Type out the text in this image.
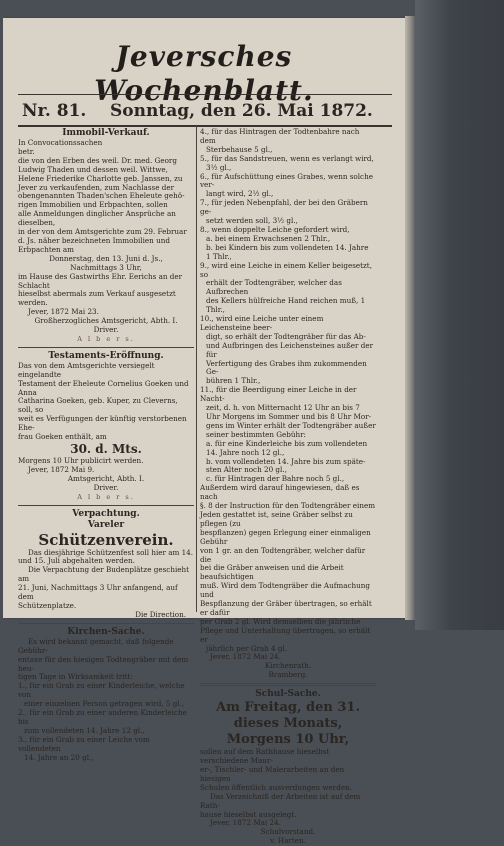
Jeversches Wochenblatt.
Nr. 81. Sonntag, den 26. Mai 1872.

Immobil-Verkauf.

In Convocationssachen

betr.

die von den Erben des weil. Dr. med. Georg

Ludwig Thaden und dessen weil. Wittwe,

Helene Friederike Charlotte geb. Janssen, zu

Jever zu verkaufenden, zum Nachlasse der

obengenannten Thaden'schen Eheleute gehö-

rigen Immobilien und Erbpachten, sollen

alle Anmeldungen dinglicher Ansprüche an dieselben,

in der von dem Amtsgerichte zum 29. Februar

d. Js. näher bezeichneten Immobilien und

Erbpachten am

Donnerstag, den 13. Juni d. Js.,

Nachmittags 3 Uhr,

im Hause des Gastwirths Ehr. Eerichs an der Schlacht

hieselbst abermals zum Verkauf ausgesetzt werden.

Jever, 1872 Mai 23.

Großherzogliches Amtsgericht, Abth. I.

Driver.

A l b e r s.

Testaments-Eröffnung.

Das von dem Amtsgerichte versiegelt eingelandte

Testament der Eheleute Cornelius Goeken und Anna

Catharina Goeken, geb. Kuper, zu Cleverns, soll, so

weit es Verfügungen der künftig verstorbenen Ehe-

frau Goeken enthält, am

30. d. Mts.

Morgens 10 Uhr publicirt werden.

Jever, 1872 Mai 9.

Amtsgericht, Abth. I.

Driver.

A l b e r s.

Verpachtung.

Vareler

Schützenverein.

Das diesjährige Schützenfest soll hier am 14.

und 15. Juli abgehalten werden.

Die Verpachtung der Budenplätze geschieht am

21. Juni, Nachmittags 3 Uhr anfangend, auf dem

Schützenplatze.

Die Direction.

Kirchen-Sache.

Es wird bekannt gemacht, daß folgende Gebühr-

entaxe für den hiesigen Todtengräber mit dem heu-

tigen Tage in Wirksamkeit tritt:

1., für ein Grab zu einer Kinderleiche, welche von

einer einzelnen Person getragen wird, 5 gl.,

2., für ein Grab zu einer anderen Kinderleiche bis

zum vollendeten 14. Jahre 12 gl.,

3., für ein Grab zu einer Leiche vom vollendeten

14. Jahre an 20 gl.,

4., für das Hintragen der Todtenbahre nach dem

Sterbehause 5 gl.,

5., für das Sandstreuen, wenn es verlangt wird,

3½ gl.,

6., für Aufschüttung eines Grabes, wenn solche ver-

langt wird, 2½ gl.,

7., für jeden Nebenpfahl, der bei den Gräbern ge-

setzt werden soll, 3½ gl.,

8., wenn doppelte Leiche gefordert wird,

a. bei einem Erwachsenen 2 Thlr.,

b. bei Kindern bis zum vollendeten 14. Jahre

1 Thlr.,

9., wird eine Leiche in einem Keller beigesetzt, so

erhält der Todtengräber, welcher das Aufbrechen

des Kellers hülfreiche Hand reichen muß, 1 Thlr.,

10., wird eine Leiche unter einem Leichensteine beer-

digt, so erhält der Todtengräber für das Ab-

und Aufbringen des Leichensteines außer der für

Verfertigung des Grabes ihm zukommenden Ge-

bühren 1 Thlr.,

11., für die Beerdigung einer Leiche in der Nacht-

zeit, d. h. von Mitternacht 12 Uhr an bis 7

Uhr Morgens im Sommer und bis 8 Uhr Mor-

gens im Winter erhält der Todtengräber außer

seiner bestimmten Gebühr:

a. für eine Kinderleiche bis zum vollendeten

14. Jahre noch 12 gl.,

b. vom vollendeten 14. Jahre bis zum späte-

sten Alter noch 20 gl.,

c. für Hintragen der Bahre noch 5 gl.,

Außerdem wird darauf hingewiesen, daß es nach

§. 8 der Instruction für den Todtengräber einem

Jeden gestattet ist, seine Gräber selbst zu pflegen (zu

bespflanzen) gegen Erlegung einer einmaligen Gebühr

von 1 gr. an den Todtengräber, welcher dafür die

bei die Gräber anweisen und die Arbeit beaufsichtigen

muß. Wird dem Todtengräber die Aufmachung und

Bespflanzung der Gräber übertragen, so erhält er dafür

per Grab 2 gl. Wird demselben die jährliche

Pflege und Unterhaltung übertragen, so erhält er

jährlich per Grab 4 gl.

Jever, 1872 Mai 24.

Kirchenrath.

Bramberg.

Schul-Sache.

Am Freitag, den 31. dieses Monats,

Morgens 10 Uhr,

sollen auf dem Rathhause hieselbst verschiedene Maur-

er-, Tischler- und Malerarbeiten an den hiesigen

Schulen öffentlich ausverdungen werden.

Das Verzeichniß der Arbeiten ist auf dem Rath-

hause hieselbst ausgelegt.

Jever, 1872 Mai 24.

Schulvorstand.

v. Harten.
